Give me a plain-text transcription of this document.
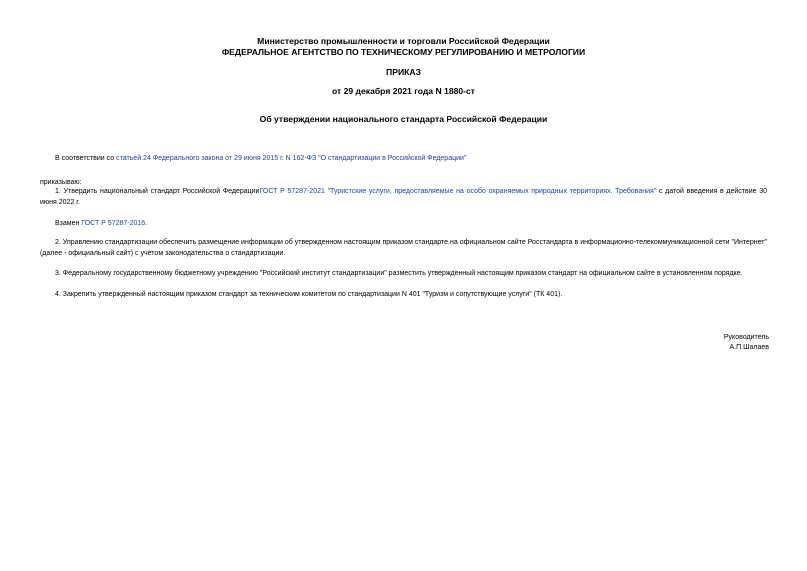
Министерство промышленности и торговли Российской Федерации
ФЕДЕРАЛЬНОЕ АГЕНТСТВО ПО ТЕХНИЧЕСКОМУ РЕГУЛИРОВАНИЮ И МЕТРОЛОГИИ
ПРИКАЗ
от 29 декабря 2021 года N 1880-ст
Об утверждении национального стандарта Российской Федерации
В соответствии со статьей 24 Федерального закона от 29 июня 2015 г. N 162-ФЗ "О стандартизации в Российской Федерации"
приказываю:
1. Утвердить национальный стандарт Российской ФедерацииГОСТ Р 57287-2021 "Туристские услуги, предоставляемые на особо охраняемых природных территориях. Требования" с датой введения в действие 30 июня 2022 г.
Взамен ГОСТ Р 57287-2016.
2. Управлению стандартизации обеспечить размещение информации об утвержденном настоящим приказом стандарте на официальном сайте Росстандарта в информационно-телекоммуникационной сети "Интернет" (далее - официальный сайт) с учетом законодательства о стандартизации.
3. Федеральному государственному бюджетному учреждению "Российский институт стандартизации" разместить утвержденный настоящим приказом стандарт на официальном сайте в установленном порядке.
4. Закрепить утвержденный настоящим приказом стандарт за техническим комитетом по стандартизации N 401 "Туризм и сопутствующие услуги" (ТК 401).
Руководитель
А.П.Шалаев
